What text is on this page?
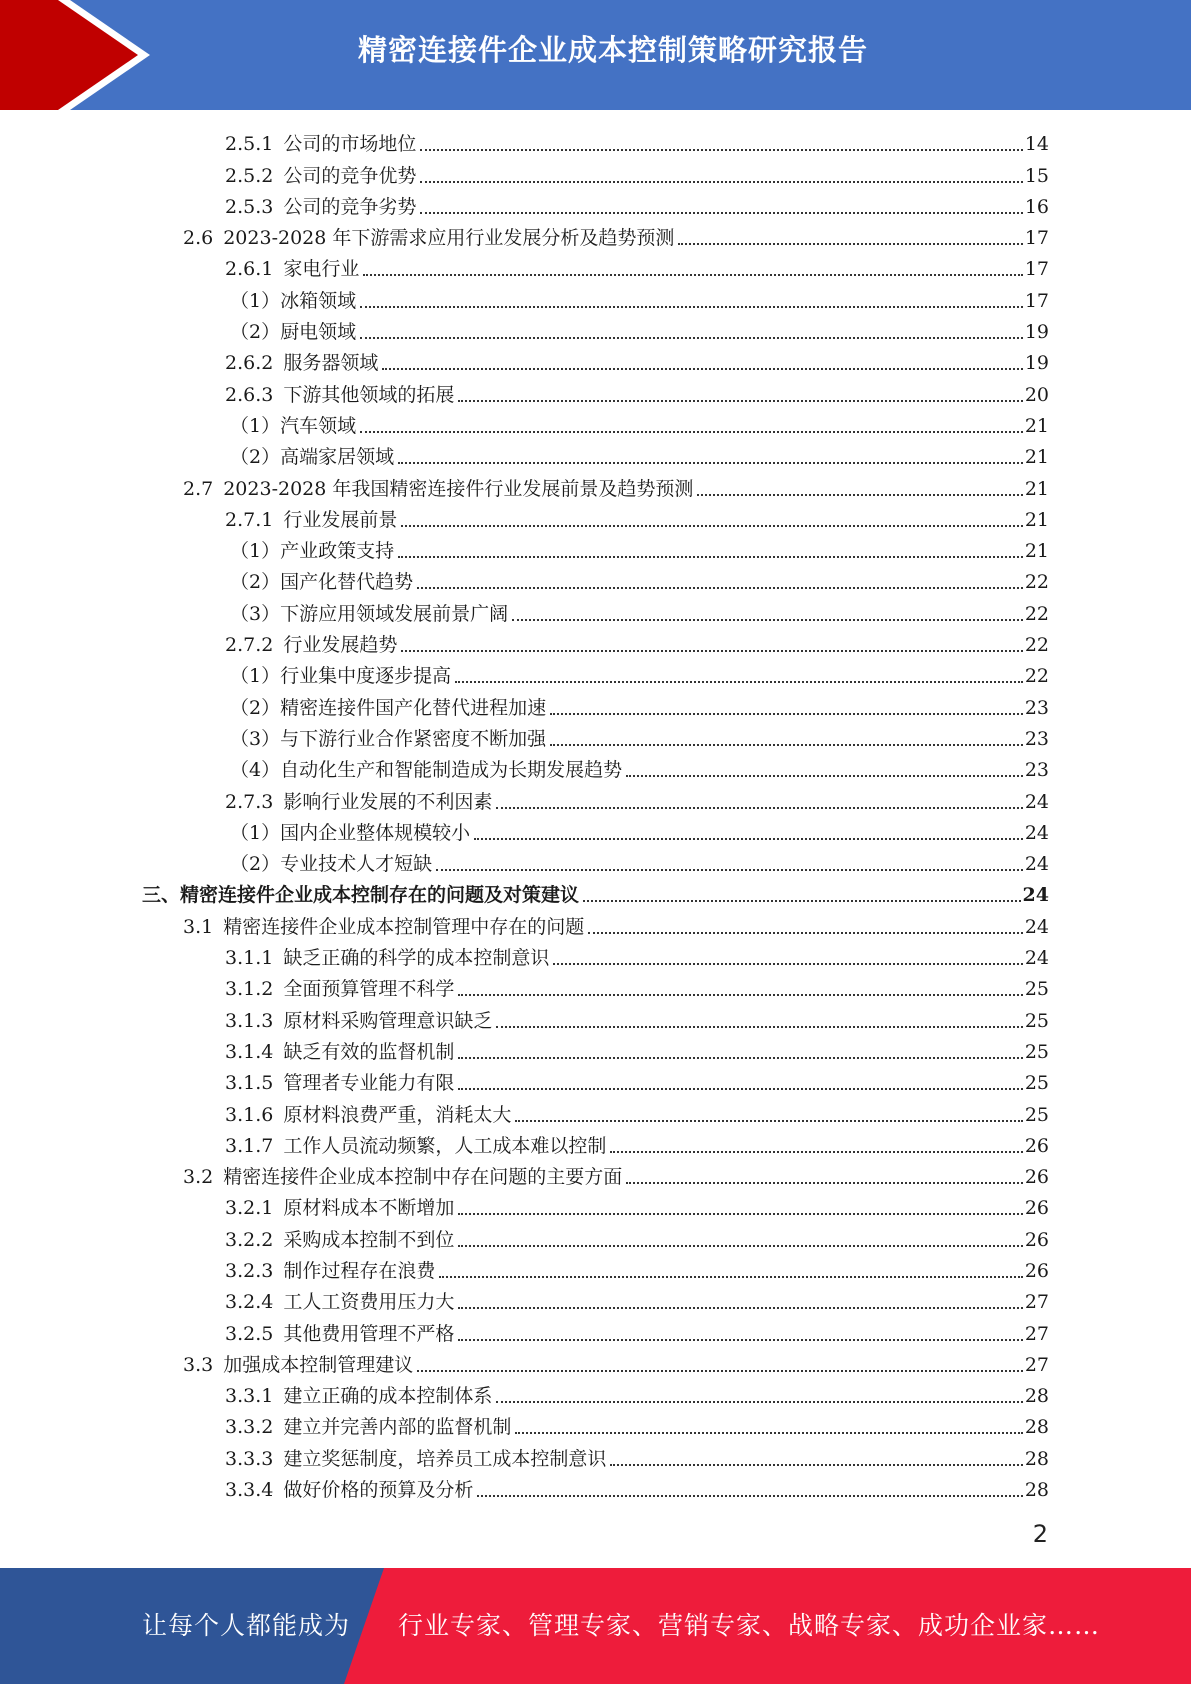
精密连接件企业成本控制策略研究报告
2.5.1 公司的市场地位	14
2.5.2 公司的竞争优势	15
2.5.3 公司的竞争劣势	16
2.6 2023-2028 年下游需求应用行业发展分析及趋势预测	17
2.6.1 家电行业	17
（1） 冰箱领域	17
（2） 厨电领域	19
2.6.2 服务器领域	19
2.6.3 下游其他领域的拓展	20
（1） 汽车领域	21
（2） 高端家居领域	21
2.7 2023-2028 年我国精密连接件行业发展前景及趋势预测	21
2.7.1 行业发展前景	21
（1） 产业政策支持	21
（2） 国产化替代趋势	22
（3） 下游应用领域发展前景广阔	22
2.7.2 行业发展趋势	22
（1） 行业集中度逐步提高	22
（2） 精密连接件国产化替代进程加速	23
（3） 与下游行业合作紧密度不断加强	23
（4） 自动化生产和智能制造成为长期发展趋势	23
2.7.3 影响行业发展的不利因素	24
（1） 国内企业整体规模较小	24
（2） 专业技术人才短缺	24
三、 精密连接件企业成本控制存在的问题及对策建议	24
3.1 精密连接件企业成本控制管理中存在的问题	24
3.1.1 缺乏正确的科学的成本控制意识	24
3.1.2 全面预算管理不科学	25
3.1.3 原材料采购管理意识缺乏	25
3.1.4 缺乏有效的监督机制	25
3.1.5 管理者专业能力有限	25
3.1.6 原材料浪费严重，消耗太大	25
3.1.7 工作人员流动频繁，人工成本难以控制	26
3.2 精密连接件企业成本控制中存在问题的主要方面	26
3.2.1 原材料成本不断增加	26
3.2.2 采购成本控制不到位	26
3.2.3 制作过程存在浪费	26
3.2.4 工人工资费用压力大	27
3.2.5 其他费用管理不严格	27
3.3 加强成本控制管理建议	27
3.3.1 建立正确的成本控制体系	28
3.3.2 建立并完善内部的监督机制	28
3.3.3 建立奖惩制度，培养员工成本控制意识	28
3.3.4 做好价格的预算及分析	28
2
让每个人都能成为 行业专家、管理专家、营销专家、战略专家、成功企业家……
